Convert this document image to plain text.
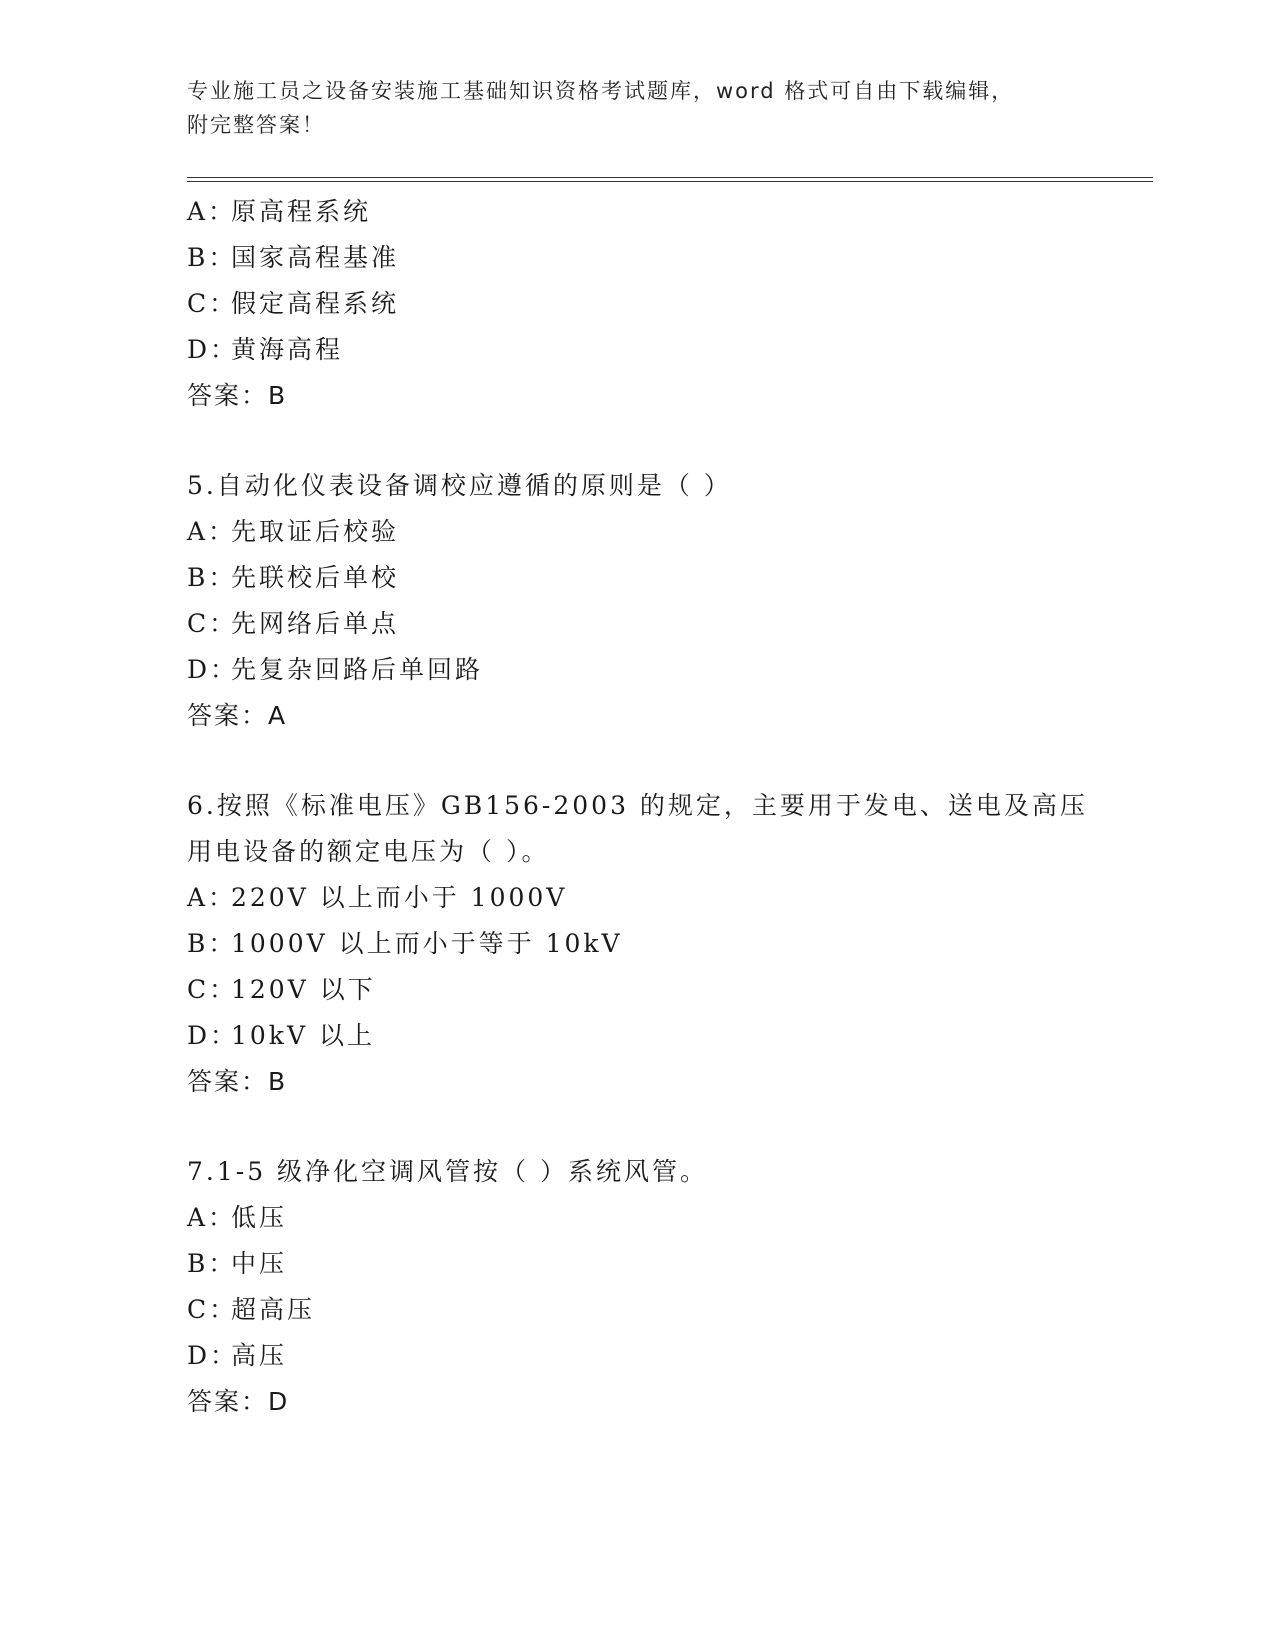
专业施工员之设备安装施工基础知识资格考试题库，word 格式可自由下载编辑，
附完整答案！
A：原高程系统
B：国家高程基准
C：假定高程系统
D：黄海高程
答案：B
5.自动化仪表设备调校应遵循的原则是（ ）
A：先取证后校验
B：先联校后单校
C：先网络后单点
D：先复杂回路后单回路
答案：A
6.按照《标准电压》GB156-2003 的规定，主要用于发电、送电及高压
用电设备的额定电压为（ ）。
A：220V 以上而小于 1000V
B：1000V 以上而小于等于 10kV
C：120V 以下
D：10kV 以上
答案：B
7.1-5 级净化空调风管按（ ）系统风管。
A：低压
B：中压
C：超高压
D：高压
答案：D
